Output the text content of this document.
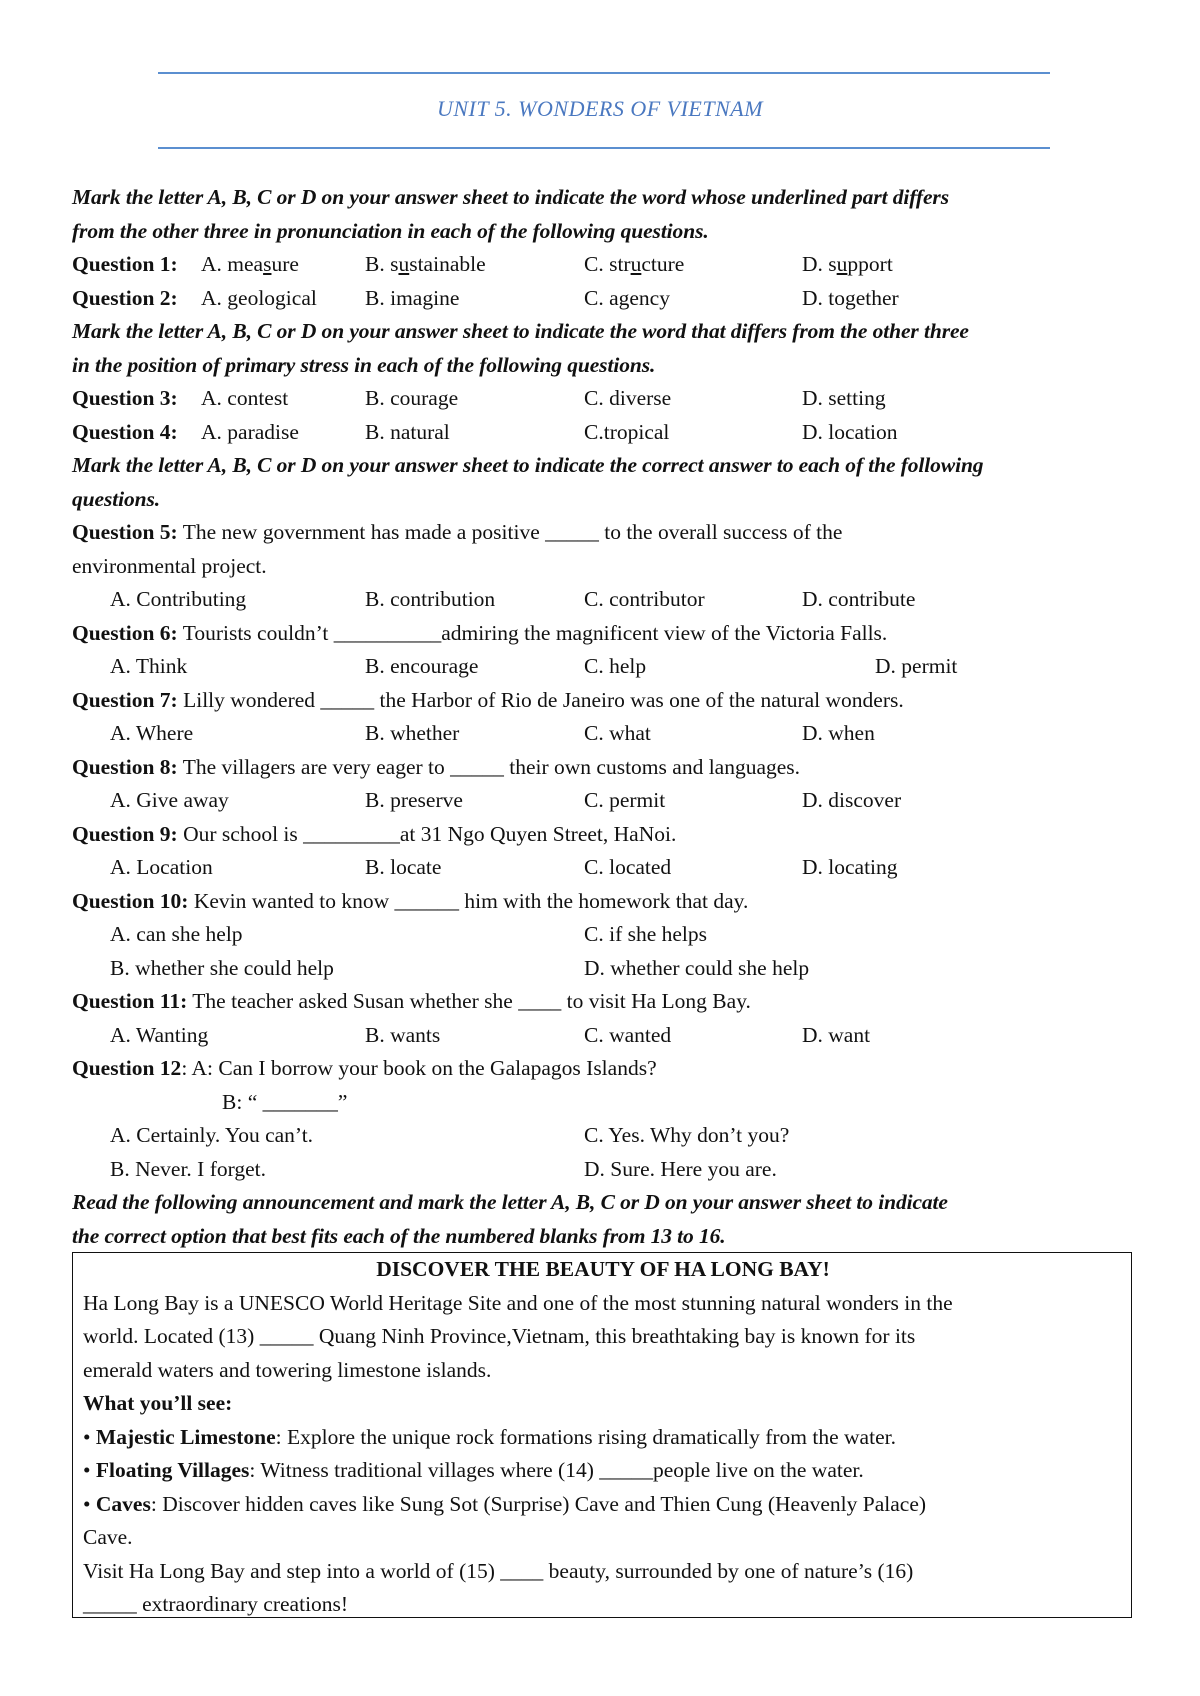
UNIT 5. WONDERS OF VIETNAM
Mark the letter A, B, C or D on your answer sheet to indicate the word whose underlined part differs
from the other three in pronunciation in each of the following questions.
Question 1: A. measure	B. sustainable	C. structure	D. support
Question 2: A. geological B. imagine	C. agency	D. together
Mark the letter A, B, C or D on your answer sheet to indicate the word that differs from the other three
in the position of primary stress in each of the following questions.
Question 3: A. contest	B. courage	C. diverse	D. setting
Question 4: A. paradise	B. natural	C.tropical	D. location
Mark the letter A, B, C or D on your answer sheet to indicate the correct answer to each of the following
questions.
Question 5: The new government has made a positive _____ to the overall success of the
environmental project.
A. Contributing	B. contribution	C. contributor	D. contribute
Question 6: Tourists couldn’t __________admiring the magnificent view of the Victoria Falls.
A. Think	B. encourage	C. help	D. permit
Question 7: Lilly wondered _____ the Harbor of Rio de Janeiro was one of the natural wonders.
A. Where	B. whether	C. what	D. when
Question 8: The villagers are very eager to _____ their own customs and languages.
A. Give away	B. preserve	C. permit	D. discover
Question 9: Our school is _________at 31 Ngo Quyen Street, HaNoi.
A. Location	B. locate	C. located	D. locating
Question 10: Kevin wanted to know ______ him with the homework that day.
A. can she help	C. if she helps
B. whether she could help	D. whether could she help
Question 11: The teacher asked Susan whether she ____ to visit Ha Long Bay.
A. Wanting	B. wants	C. wanted	D. want
Question 12: A: Can I borrow your book on the Galapagos Islands?
B: “ _______”
A. Certainly. You can’t.	C. Yes. Why don’t you?
B. Never. I forget.	D. Sure. Here you are.
Read the following announcement and mark the letter A, B, C or D on your answer sheet to indicate
the correct option that best fits each of the numbered blanks from 13 to 16.
DISCOVER THE BEAUTY OF HA LONG BAY!
Ha Long Bay is a UNESCO World Heritage Site and one of the most stunning natural wonders in the
world. Located (13) _____ Quang Ninh Province,Vietnam, this breathtaking bay is known for its
emerald waters and towering limestone islands.
What you’ll see:
• Majestic Limestone: Explore the unique rock formations rising dramatically from the water.
• Floating Villages: Witness traditional villages where (14) _____people live on the water.
• Caves: Discover hidden caves like Sung Sot (Surprise) Cave and Thien Cung (Heavenly Palace)
Cave.
Visit Ha Long Bay and step into a world of (15) ____ beauty, surrounded by one of nature’s (16)
_____ extraordinary creations!
